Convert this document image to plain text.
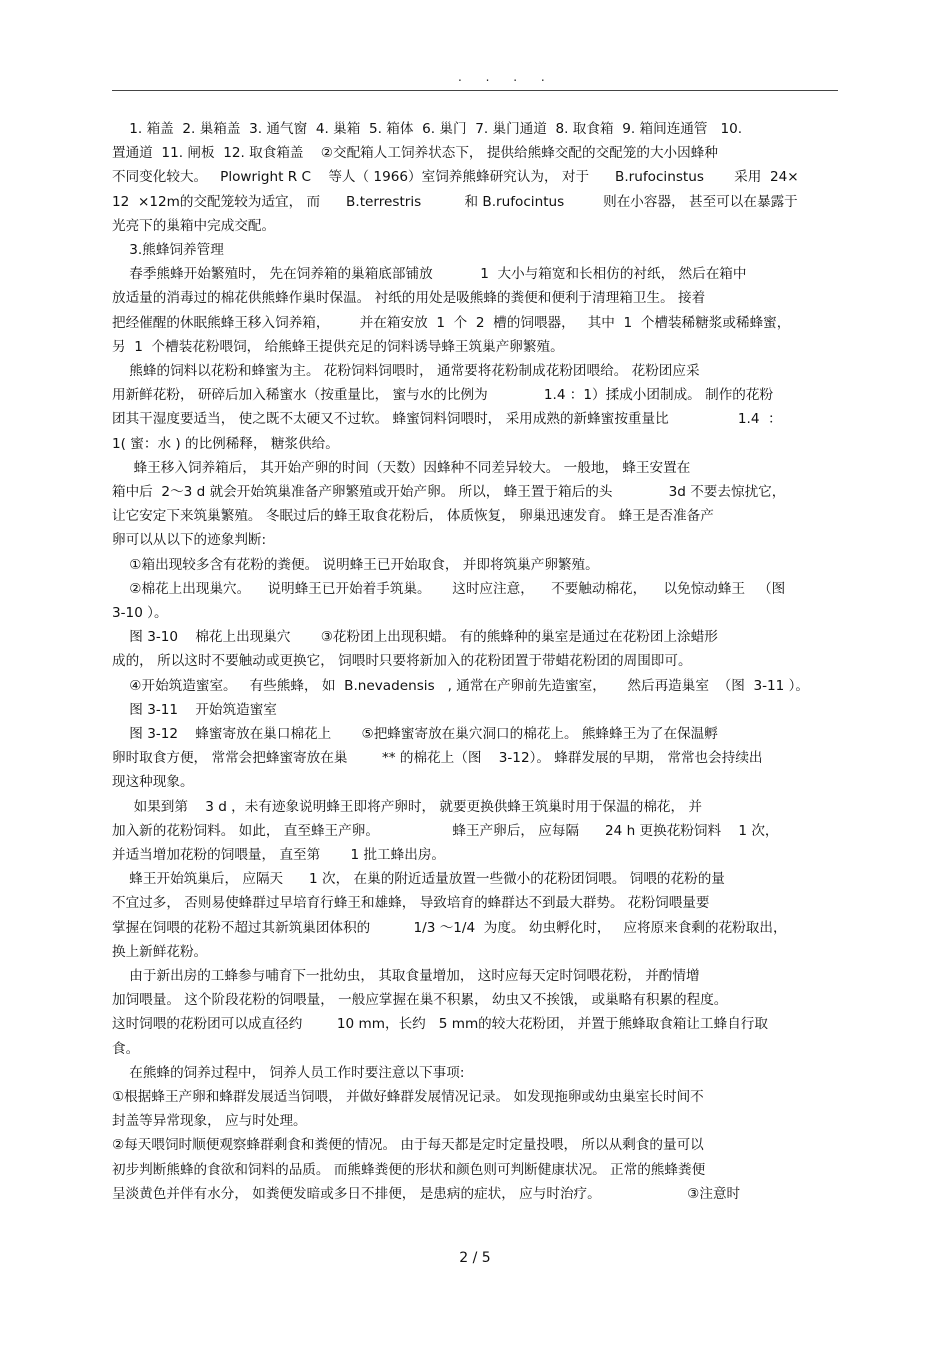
. . . .
1. 箱盖  2. 巢箱盖  3. 通气窗  4. 巢箱  5. 箱体  6. 巢门  7. 巢门通道  8. 取食箱  9. 箱间连通管   10.
置通道  11. 闸板  12. 取食箱盖    ②交配箱人工饲养状态下， 提供给熊蜂交配的交配笼的大小因蜂种
不同变化较大。   Plowright R C    等人（ 1966）室饲养熊蜂研究认为， 对于      B.rufocinstus       采用  24×
12  ×12m的交配笼较为适宜， 而      B.terrestris          和 B.rufocintus         则在小容器， 甚至可以在暴露于
光亮下的巢箱中完成交配。
3.熊蜂饲养管理
春季熊蜂开始繁殖时， 先在饲养箱的巢箱底部铺放           1  大小与箱宽和长相仿的衬纸， 然后在箱中
放适量的消毒过的棉花供熊蜂作巢时保温。 衬纸的用处是吸熊蜂的粪便和便利于清理箱卫生。 接着
把经催醒的休眠熊蜂王移入饲养箱，       并在箱安放  1  个  2  槽的饲喂器，   其中  1  个槽装稀糖浆或稀蜂蜜，
另  1  个槽装花粉喂饲， 给熊蜂王提供充足的饲料诱导蜂王筑巢产卵繁殖。
熊蜂的饲料以花粉和蜂蜜为主。 花粉饲料饲喂时， 通常要将花粉制成花粉团喂给。 花粉团应采
用新鲜花粉， 研碎后加入稀蜜水（按重量比， 蜜与水的比例为             1.4 ：1）揉成小团制成。 制作的花粉
团其干湿度要适当， 使之既不太硬又不过软。 蜂蜜饲料饲喂时， 采用成熟的新蜂蜜按重量比                1.4  ：
1( 蜜：水 ) 的比例稀释， 糖浆供给。
蜂王移入饲养箱后， 其开始产卵的时间（天数）因蜂种不同差异较大。 一般地， 蜂王安置在
箱中后  2～3 d 就会开始筑巢准备产卵繁殖或开始产卵。 所以， 蜂王置于箱后的头             3d 不要去惊扰它，
让它安定下来筑巢繁殖。 冬眠过后的蜂王取食花粉后， 体质恢复， 卵巢迅速发育。 蜂王是否准备产
卵可以从以下的迹象判断:
①箱出现较多含有花粉的粪便。 说明蜂王已开始取食， 并即将筑巢产卵繁殖。
②棉花上出现巢穴。    说明蜂王已开始着手筑巢。     这时应注意，    不要触动棉花，    以免惊动蜂王   （图
3-10 ）。
图 3-10    棉花上出现巢穴       ③花粉团上出现积蜡。 有的熊蜂种的巢室是通过在花粉团上涂蜡形
成的， 所以这时不要触动或更换它， 饲喂时只要将新加入的花粉团置于带蜡花粉团的周围即可。
④开始筑造蜜室。   有些熊蜂， 如  B.nevadensis   , 通常在产卵前先造蜜室，     然后再造巢室  （图  3-11 ）。
图 3-11    开始筑造蜜室
图 3-12    蜂蜜寄放在巢口棉花上       ⑤把蜂蜜寄放在巢穴洞口的棉花上。 熊蜂蜂王为了在保温孵
卵时取食方便， 常常会把蜂蜜寄放在巢        ** 的棉花上（图    3-12）。 蜂群发展的早期， 常常也会持续出
现这种现象。
如果到第    3 d ，未有迹象说明蜂王即将产卵时， 就要更换供蜂王筑巢时用于保温的棉花， 并
加入新的花粉饲料。 如此， 直至蜂王产卵。                 蜂王产卵后， 应每隔      24 h 更换花粉饲料    1 次，
并适当增加花粉的饲喂量， 直至第       1 批工蜂出房。
蜂王开始筑巢后， 应隔天      1 次， 在巢的附近适量放置一些微小的花粉团饲喂。 饲喂的花粉的量
不宜过多， 否则易使蜂群过早培育行蜂王和雄蜂， 导致培育的蜂群达不到最大群势。 花粉饲喂量要
掌握在饲喂的花粉不超过其新筑巢团体积的          1/3 ～1/4  为度。 幼虫孵化时，   应将原来食剩的花粉取出，
换上新鲜花粉。
由于新出房的工蜂参与哺育下一批幼虫， 其取食量增加， 这时应每天定时饲喂花粉， 并酌情增
加饲喂量。 这个阶段花粉的饲喂量， 一般应掌握在巢不积累， 幼虫又不挨饿， 或巢略有积累的程度。
这时饲喂的花粉团可以成直径约        10 mm，长约   5 mm的较大花粉团， 并置于熊蜂取食箱让工蜂自行取
食。
在熊蜂的饲养过程中， 饲养人员工作时要注意以下事项:
①根据蜂王产卵和蜂群发展适当饲喂， 并做好蜂群发展情况记录。 如发现拖卵或幼虫巢室长时间不
封盖等异常现象， 应与时处理。
②每天喂饲时顺便观察蜂群剩食和粪便的情况。 由于每天都是定时定量投喂， 所以从剩食的量可以
初步判断熊蜂的食欲和饲料的品质。 而熊蜂粪便的形状和颜色则可判断健康状况。 正常的熊蜂粪便
呈淡黄色并伴有水分， 如粪便发暗或多日不排便， 是患病的症状， 应与时治疗。                    ③注意时
2 / 5
